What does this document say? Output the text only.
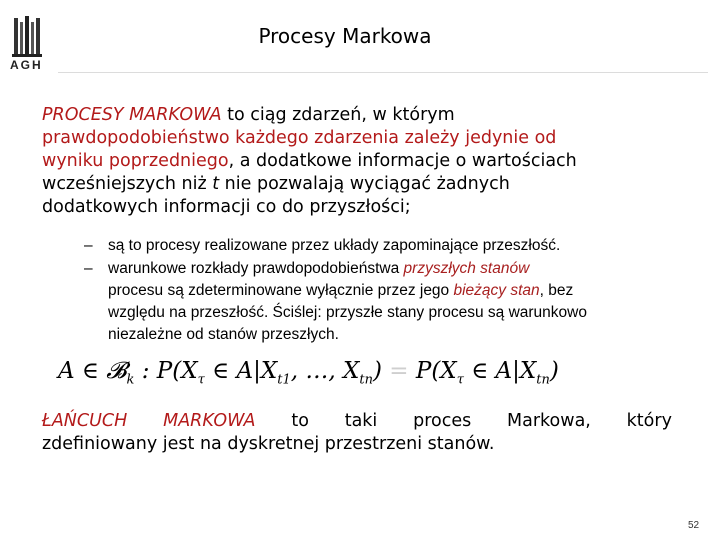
AGH
Procesy Markowa
PROCESY MARKOWA to ciąg zdarzeń, w którym
prawdopodobieństwo każdego zdarzenia zależy jedynie od
wyniku poprzedniego, a dodatkowe informacje o wartościach
wcześniejszych niż t nie pozwalają wyciągać żadnych
dodatkowych informacji co do przyszłości;
– są to procesy realizowane przez układy zapominające przeszłość.
– warunkowe rozkłady prawdopodobieństwa przyszłych stanów
procesu są zdeterminowane wyłącznie przez jego bieżący stan, bez
względu na przeszłość. Ściślej: przyszłe stany procesu są warunkowo
niezależne od stanów przeszłych.
A ∈ 𝓑$_k$ : $P(X_\tau$ ∈ $A|X_{t1}$, …, $X_{tn}) = P(X_\tau$ ∈ $A|X_{tn}$)
ŁAŃCUCH MARKOWA to taki proces Markowa, który
zdefiniowany jest na dyskretnej przestrzeni stanów.
52
